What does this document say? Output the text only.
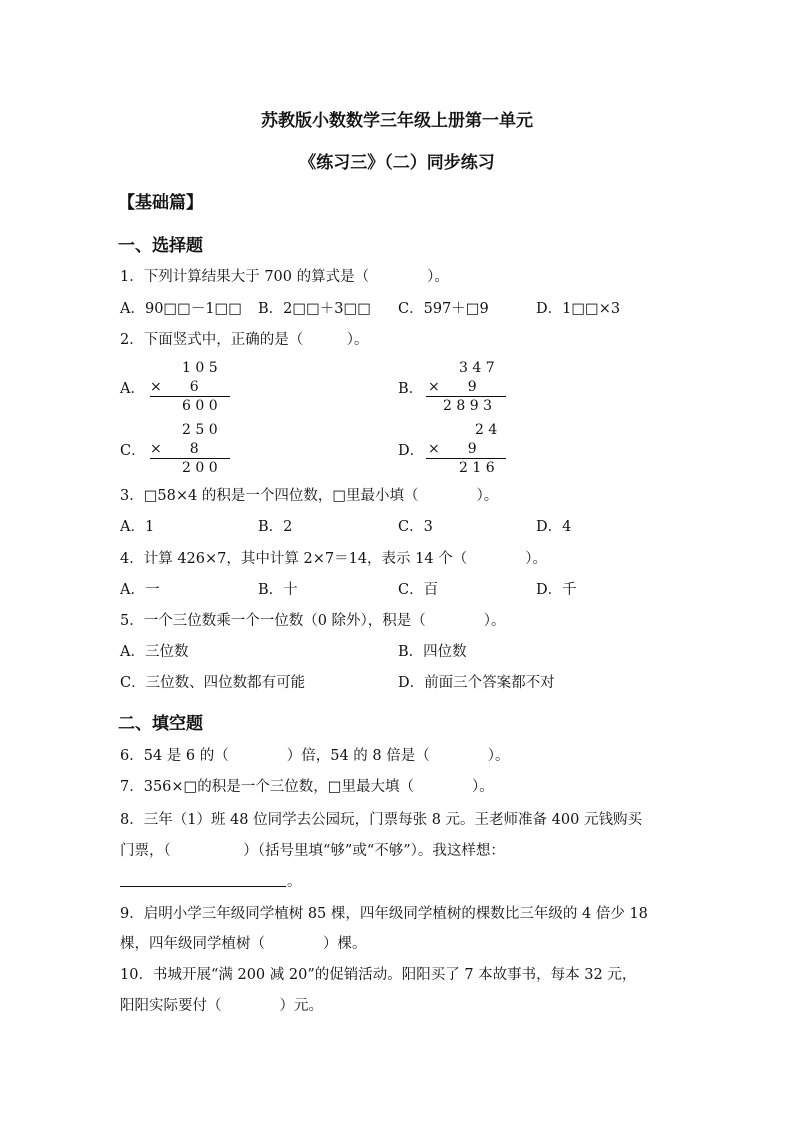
苏教版小数数学三年级上册第一单元
《练习三》（二）同步练习
【基础篇】
一、选择题
1．下列计算结果大于 700 的算式是（　　　　）。
A．90□□－1□□ B．2□□＋3□□ C．597＋□9	D．1□□×3
2．下面竖式中，正确的是（　　　）。
A．
1 0 5
×　　6
6 0 0
B．
3 4 7
×　　9
2 8 9 3
C．
2 5 0
×　　8
2 0 0
D．
2 4
×　　9
2 1 6
3．□58×4 的积是一个四位数，□里最小填（　　　　）。
A．1	B．2	C．3	D．4
4．计算 426×7，其中计算 2×7＝14，表示 14 个（　　　　）。
A．一	B．十	C．百	D．千
5．一个三位数乘一个一位数（0 除外），积是（　　　　）。
A．三位数	B．四位数
C．三位数、四位数都有可能	D．前面三个答案都不对
二、填空题
6．54 是 6 的（　　　　）倍，54 的 8 倍是（　　　　）。
7．356×□的积是一个三位数，□里最大填（　　　　）。
8．三年（1）班 48 位同学去公园玩，门票每张 8 元。王老师准备 400 元钱购买
门票，（　　　　　）（括号里填“够”或“不够”）。我这样想：
。
9．启明小学三年级同学植树 85 棵，四年级同学植树的棵数比三年级的 4 倍少 18
棵，四年级同学植树（　　　　）棵。
10．书城开展“满 200 减 20”的促销活动。阳阳买了 7 本故事书，每本 32 元，
阳阳实际要付（　　　　）元。
